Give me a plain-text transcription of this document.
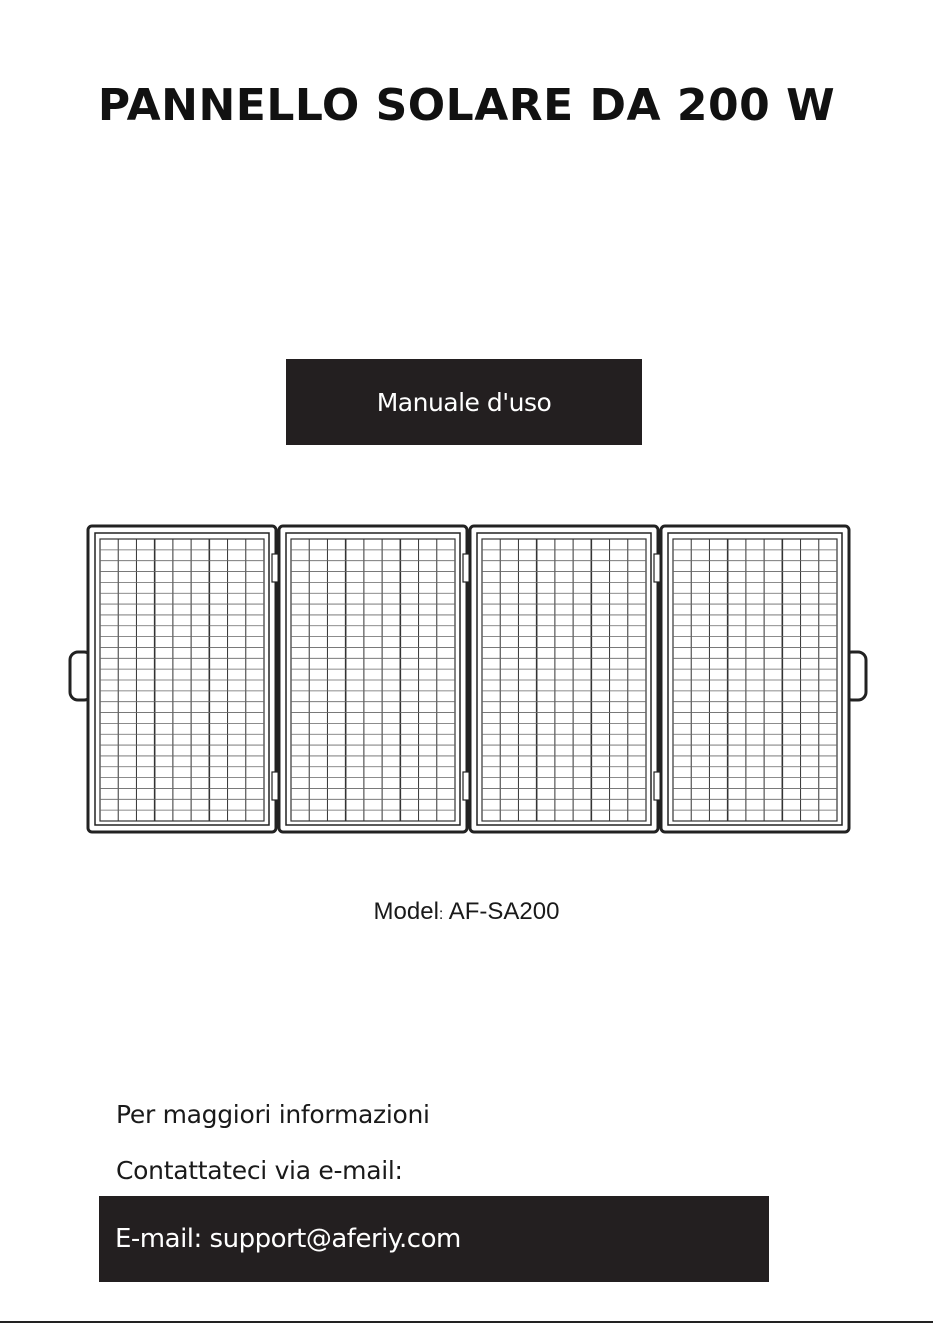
PANNELLO SOLARE DA 200 W
Manuale d'uso
Model: AF-SA200
Per maggiori informazioni
Contattateci via e-mail:
E-mail: support@aferiy.com
